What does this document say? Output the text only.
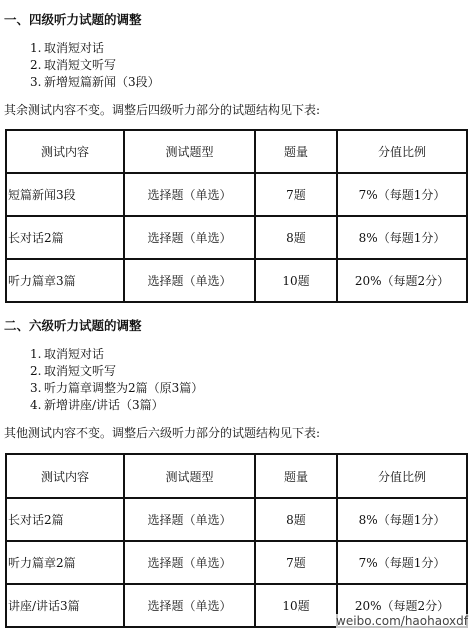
一、四级听力试题的调整
1. 取消短对话
2. 取消短文听写
3. 新增短篇新闻（3段）
其余测试内容不变。调整后四级听力部分的试题结构见下表:
测试内容	测试题型	题量	分值比例
短篇新闻3段	选择题（单选）	7题	7%（每题1分）
长对话2篇	选择题（单选）	8题	8%（每题1分）
听力篇章3篇	选择题（单选）	10题	20%（每题2分）
二、六级听力试题的调整
1. 取消短对话
2. 取消短文听写
3. 听力篇章调整为2篇（原3篇）
4. 新增讲座/讲话（3篇）
其他测试内容不变。调整后六级听力部分的试题结构见下表:
测试内容	测试题型	题量	分值比例
长对话2篇	选择题（单选）	8题	8%（每题1分）
听力篇章2篇	选择题（单选）	7题	7%（每题1分）
讲座/讲话3篇	选择题（单选）	10题	20%（每题2分）
weibo.com/haohaoxdf
